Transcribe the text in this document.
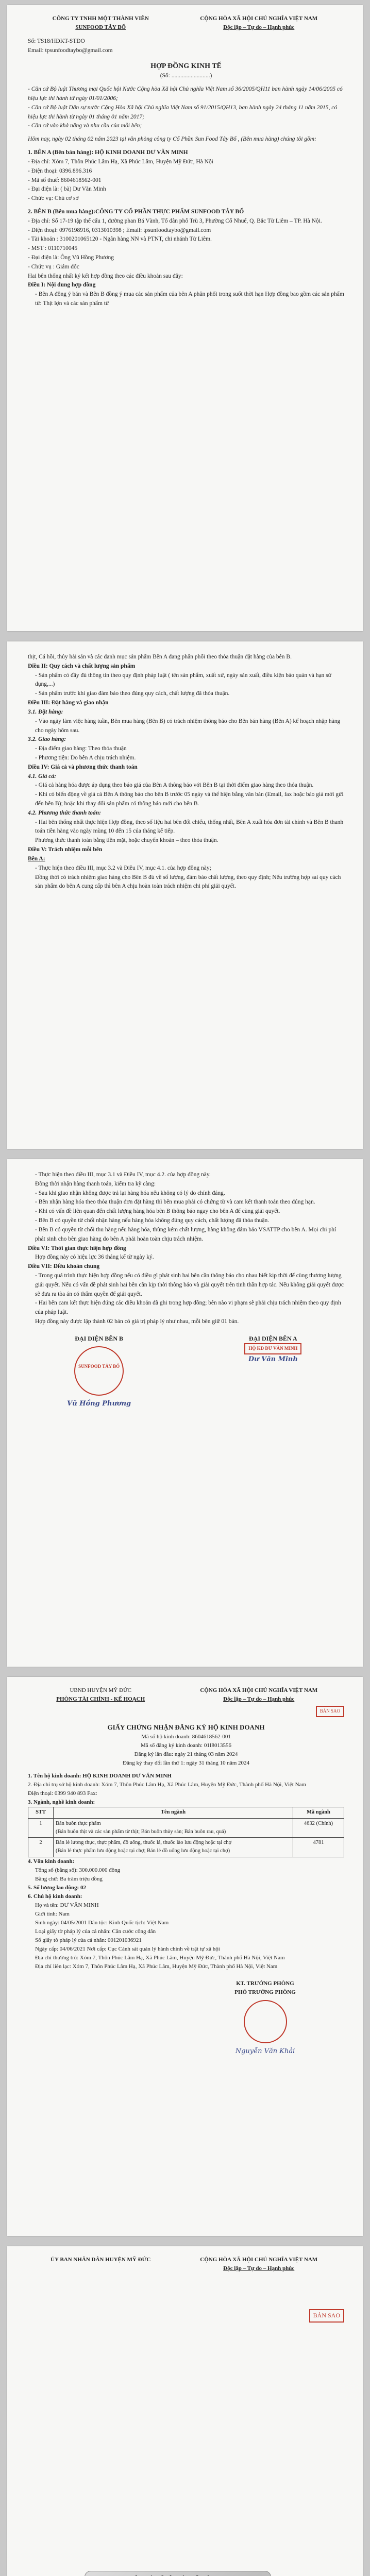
CÔNG TY TNHH MỘT THÀNH VIÊN
SUNFOOD TÂY BỐ
CỘNG HÒA XÃ HỘI CHỦ NGHĨA VIỆT NAM
Độc lập – Tự do – Hạnh phúc
Số: TS18/HĐKT-STĐO
Email: tpsunfoodtaybo@gmail.com
HỢP ĐỒNG KINH TẾ
(Số: ..........................)

- Căn cứ Bộ luật Thương mại Quốc hội Nước Cộng hòa Xã hội Chủ nghĩa Việt Nam số 36/2005/QH11 ban hành ngày 14/06/2005 có hiệu lực thi hành từ ngày 01/01/2006;

- Căn cứ Bộ luật Dân sự nước Cộng Hòa Xã hội Chủ nghĩa Việt Nam số 91/2015/QH13, ban hành ngày 24 tháng 11 năm 2015, có hiệu lực thi hành từ ngày 01 tháng 01 năm 2017;

- Căn cứ vào khả năng và nhu cầu của mỗi bên;

Hôm nay, ngày 02 tháng 02 năm 2023 tại văn phòng công ty Cổ Phần Sun Food Tây Bố , (Bên mua hàng) chúng tôi gồm:

1. BÊN A (Bên bán hàng): HỘ KINH DOANH DƯ VĂN MINH

- Địa chỉ: Xóm 7, Thôn Phúc Lâm Hạ, Xã Phúc Lâm, Huyện Mỹ Đức, Hà Nội

- Điện thoại: 0396.896.316

- Mã số thuế: 8604618562-001

- Đại diện là: ( bà) Dư Văn Minh

- Chức vụ: Chủ cơ sở

2. BÊN B (Bên mua hàng):CÔNG TY CỔ PHẦN THỰC PHẨM SUNFOOD TÂY BỐ

- Địa chỉ: Số 17-19 tập thể cấu 1, đường phan Bá Vành, Tổ dân phố Trù 3, Phường Cổ Nhuế, Q. Bắc Từ Liêm – TP. Hà Nội.

- Điện thoại: 0976198916, 0313010398 ; Email: tpsunfoodtaybo@gmail.com

- Tài khoản : 3100201065120 - Ngân hàng NN và PTNT, chi nhánh Từ Liêm.

- MST : 0110710045

- Đại diện là: Ông Vũ Hồng Phương

- Chức vụ : Giám đốc

Hai bên thống nhất ký kết hợp đồng theo các điều khoản sau đây:

Điều I: Nội dung hợp đồng

- Bên A đồng ý bán và Bên B đồng ý mua các sản phẩm của bên A phân phối trong suốt thời hạn Hợp đồng bao gồm các sản phẩm từ: Thịt lợn và các sản phẩm từ

thịt, Cá hồi, thủy hải sản và các danh mục sản phẩm Bên A đang phân phối theo thỏa thuận đặt hàng của bên B.

Điều II: Quy cách và chất lượng sản phẩm

- Sản phẩm có đầy đủ thông tin theo quy định pháp luật ( tên sản phẩm, xuất xứ, ngày sản xuất, điều kiện bảo quản và hạn sử dụng,...)

- Sản phẩm trước khi giao đảm bảo theo đúng quy cách, chất lượng đã thỏa thuận.

Điều III: Đặt hàng và giao nhận

3.1. Đặt hàng:

- Vào ngày làm việc hàng tuần, Bên mua hàng (Bên B) có trách nhiệm thông báo cho Bên bán hàng (Bên A) kế hoạch nhập hàng cho ngày hôm sau.

3.2. Giao hàng:

- Địa điểm giao hàng: Theo thỏa thuận

- Phương tiện: Do bên A chịu trách nhiệm.

Điều IV: Giá cả và phương thức thanh toán

4.1. Giá cả:

- Giá cả hàng hóa được áp dụng theo báo giá của Bên A thông báo với Bên B tại thời điểm giao hàng theo thỏa thuận.

- Khi có biến động về giá cả Bên A thông báo cho bên B trước 05 ngày và thể hiện bằng văn bản (Email, fax hoặc báo giá mới gửi đến bên B); hoặc khi thay đổi sản phẩm có thông báo mới cho bên B.

4.2. Phương thức thanh toán:

- Hai bên thống nhất thực hiện Hợp đồng, theo số liệu hai bên đối chiếu, thống nhất, Bên A xuất hóa đơn tài chính và Bên B thanh toán tiền hàng vào ngày mùng 10 đến 15 của tháng kế tiếp.

Phương thức thanh toán bằng tiền mặt, hoặc chuyển khoản – theo thỏa thuận.

Điều V: Trách nhiệm mỗi bên

Bên A:

- Thực hiện theo điều III, mục 3.2 và Điều IV, mục 4.1. của hợp đồng này;

Đồng thời có trách nhiệm giao hàng cho Bên B đủ về số lượng, đảm bảo chất lượng, theo quy định; Nếu trường hợp sai quy cách sản phẩm do bên A cung cấp thì bên A chịu hoàn toàn trách nhiệm chi phí giải quyết.

- Thực hiện theo điều III, mục 3.1 và Điều IV, mục 4.2. của hợp đồng này.

Đồng thời nhận hàng thanh toán, kiểm tra kỹ càng:

- Sau khi giao nhận không được trả lại hàng hóa nếu không có lý do chính đáng.

- Bên nhận hàng hóa theo thỏa thuận đơn đặt hàng thì bên mua phải có chứng từ và cam kết thanh toán theo đúng hạn.

- Khi có vấn đề liên quan đến chất lượng hàng hóa bên B thông báo ngay cho bên A để cùng giải quyết.

- Bên B có quyền từ chối nhận hàng nếu hàng hóa không đúng quy cách, chất lượng đã thỏa thuận.

- Bên B có quyền từ chối thu hàng nếu hàng hóa, thùng kém chất lượng, hàng không đảm bảo VSATTP cho bên A. Mọi chi phí phát sinh cho bên giao hàng do bên A phải hoàn toàn chịu trách nhiệm.

Điều VI: Thời gian thực hiện hợp đồng

Hợp đồng này có hiệu lực 36 tháng kể từ ngày ký.

Điều VII: Điều khoản chung

- Trong quá trình thực hiện hợp đồng nếu có điều gì phát sinh hai bên cần thông báo cho nhau biết kịp thời để cùng thương lượng giải quyết. Nếu có vấn đề phát sinh hai bên cần kịp thời thông báo và giải quyết trên tinh thần hợp tác. Nếu không giải quyết được sẽ đưa ra tòa án có thẩm quyền để giải quyết.

- Hai bên cam kết thực hiện đúng các điều khoản đã ghi trong hợp đồng; bên nào vi phạm sẽ phải chịu trách nhiệm theo quy định của pháp luật.

Hợp đồng này được lập thành 02 bản có giá trị pháp lý như nhau, mỗi bên giữ 01 bản.

ĐẠI DIỆN BÊN B
SUNFOOD TÂY BỐ
Vũ Hồng Phương
ĐẠI DIỆN BÊN A
HỘ KD DƯ VĂN MINH
Dư Văn Minh
UBND HUYỆN MỸ ĐỨC
PHÒNG TÀI CHÍNH - KẾ HOẠCH
CỘNG HÒA XÃ HỘI CHỦ NGHĨA VIỆT NAM
Độc lập – Tự do – Hạnh phúc
BẢN SAO
GIẤY CHỨNG NHẬN ĐĂNG KÝ HỘ KINH DOANH
Mã số hộ kinh doanh: 8604618562-001
Mã số đăng ký kinh doanh: 01I8013556
Đăng ký lần đầu: ngày 21 tháng 03 năm 2024
Đăng ký thay đổi lần thứ 1: ngày 31 tháng 10 năm 2024

1. Tên hộ kinh doanh: HỘ KINH DOANH DƯ VĂN MINH

2. Địa chỉ trụ sở hộ kinh doanh: Xóm 7, Thôn Phúc Lâm Hạ, Xã Phúc Lâm, Huyện Mỹ Đức, Thành phố Hà Nội, Việt Nam

Điện thoại: 0399 940 893 Fax:

3. Ngành, nghề kinh doanh:

STT	Tên ngành	Mã ngành
1	Bán buôn thực phẩm
(Bán buôn thịt và các sản phẩm từ thịt; Bán buôn thủy sản; Bán buôn rau, quả)	4632 (Chính)
2	Bán lẻ lương thực, thực phẩm, đồ uống, thuốc lá, thuốc lào lưu động hoặc tại chợ
(Bán lẻ thực phẩm lưu động hoặc tại chợ; Bán lẻ đồ uống lưu động hoặc tại chợ)	4781

4. Vốn kinh doanh:

Tổng số (bằng số): 300.000.000 đồng

Bằng chữ: Ba trăm triệu đồng

5. Số lượng lao động: 02

6. Chủ hộ kinh doanh:

Họ và tên: DƯ VĂN MINH

Giới tính: Nam

Sinh ngày: 04/05/2001 Dân tộc: Kinh Quốc tịch: Việt Nam

Loại giấy tờ pháp lý của cá nhân: Căn cước công dân

Số giấy tờ pháp lý của cá nhân: 001201036921

Ngày cấp: 04/06/2021 Nơi cấp: Cục Cảnh sát quản lý hành chính về trật tự xã hội

Địa chỉ thường trú: Xóm 7, Thôn Phúc Lâm Hạ, Xã Phúc Lâm, Huyện Mỹ Đức, Thành phố Hà Nội, Việt Nam

Địa chỉ liên lạc: Xóm 7, Thôn Phúc Lâm Hạ, Xã Phúc Lâm, Huyện Mỹ Đức, Thành phố Hà Nội, Việt Nam

KT. TRƯỞNG PHÒNG
PHÓ TRƯỞNG PHÒNG
Nguyễn Văn Khải
ỦY BAN NHÂN DÂN HUYỆN MỸ ĐỨC	CỘNG HÒA XÃ HỘI CHỦ NGHĨA VIỆT NAM
Độc lập – Tự do – Hạnh phúc
BẢN SAO
